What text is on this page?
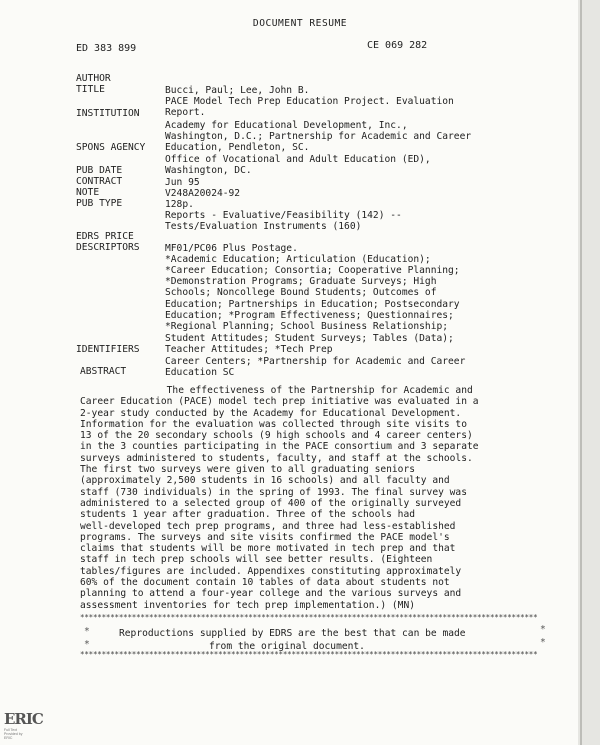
DOCUMENT RESUME
ED 383 899	CE 069 282

AUTHOR

Bucci, Paul; Lee, John B.

TITLE

PACE Model Tech Prep Education Project. Evaluation
Report.

INSTITUTION

Academy for Educational Development, Inc.,
Washington, D.C.; Partnership for Academic and Career
Education, Pendleton, SC.

SPONS AGENCY

Office of Vocational and Adult Education (ED),
Washington, DC.

PUB DATE

Jun 95

CONTRACT

V248A20024-92

NOTE

128p.

PUB TYPE

Reports - Evaluative/Feasibility (142) --
Tests/Evaluation Instruments (160)

EDRS PRICE

MF01/PC06 Plus Postage.

DESCRIPTORS

*Academic Education; Articulation (Education);
*Career Education; Consortia; Cooperative Planning;
*Demonstration Programs; Graduate Surveys; High
Schools; Noncollege Bound Students; Outcomes of
Education; Partnerships in Education; Postsecondary
Education; *Program Effectiveness; Questionnaires;
*Regional Planning; School Business Relationship;
Student Attitudes; Student Surveys; Tables (Data);
Teacher Attitudes; *Tech Prep

IDENTIFIERS

Career Centers; *Partnership for Academic and Career
Education SC

ABSTRACT
The effectiveness of the Partnership for Academic and
Career Education (PACE) model tech prep initiative was evaluated in a
2-year study conducted by the Academy for Educational Development.
Information for the evaluation was collected through site visits to
13 of the 20 secondary schools (9 high schools and 4 career centers)
in the 3 counties participating in the PACE consortium and 3 separate
surveys administered to students, faculty, and staff at the schools.
The first two surveys were given to all graduating seniors
(approximately 2,500 students in 16 schools) and all faculty and
staff (730 individuals) in the spring of 1993. The final survey was
administered to a selected group of 400 of the originally surveyed
students 1 year after graduation. Three of the schools had
well-developed tech prep programs, and three had less-established
programs. The surveys and site visits confirmed the PACE model's
claims that students will be more motivated in tech prep and that
staff in tech prep schools will see better results. (Eighteen
tables/figures are included. Appendixes constituting approximately
60% of the document contain 10 tables of data about students not
planning to attend a four-year college and the various surveys and
assessment inventories for tech prep implementation.) (MN)
**********************************************************************************************************
*
*
*
*
Reproductions supplied by EDRS are the best that can be made
from the original document.
**********************************************************************************************************
ERIC
Full Text Provided by ERIC
